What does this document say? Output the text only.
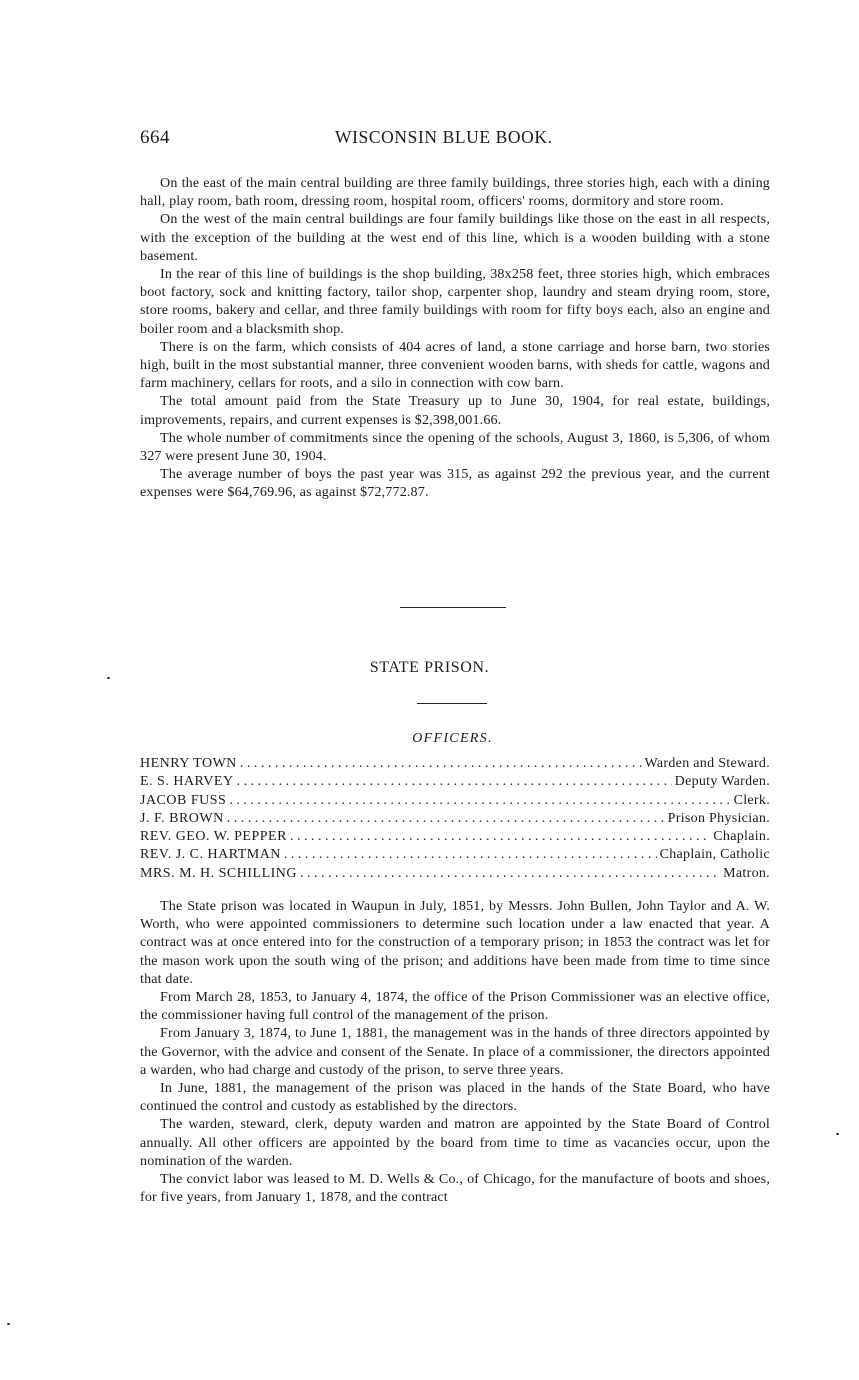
664	WISCONSIN BLUE BOOK.

On the east of the main central building are three family buildings, three stories high, each with a dining hall, play room, bath room, dressing room, hospital room, officers' rooms, dormitory and store room.

On the west of the main central buildings are four family buildings like those on the east in all respects, with the exception of the building at the west end of this line, which is a wooden building with a stone basement.

In the rear of this line of buildings is the shop building, 38x258 feet, three stories high, which embraces boot factory, sock and knitting factory, tailor shop, carpenter shop, laundry and steam drying room, store, store rooms, bakery and cellar, and three family buildings with room for fifty boys each, also an engine and boiler room and a blacksmith shop.

There is on the farm, which consists of 404 acres of land, a stone carriage and horse barn, two stories high, built in the most substantial manner, three convenient wooden barns, with sheds for cattle, wagons and farm machinery, cellars for roots, and a silo in connection with cow barn.

The total amount paid from the State Treasury up to June 30, 1904, for real estate, buildings, improvements, repairs, and current expenses is $2,398,001.66.

The whole number of commitments since the opening of the schools, August 3, 1860, is 5,306, of whom 327 were present June 30, 1904.

The average number of boys the past year was 315, as against 292 the previous year, and the current expenses were $64,769.96, as against $72,772.87.

STATE PRISON.
OFFICERS.
HENRY TOWN . . .	Warden and Steward.
E. S. HARVEY . . .	Deputy Warden.
JACOB FUSS . . .	Clerk.
J. F. BROWN . . .	Prison Physician.
REV. GEO. W. PEPPER . . .	Chaplain.
REV. J. C. HARTMAN . . .	Chaplain, Catholic
MRS. M. H. SCHILLING . . .	Matron.

The State prison was located in Waupun in July, 1851, by Messrs. John Bullen, John Taylor and A. W. Worth, who were appointed commissioners to determine such location under a law enacted that year. A contract was at once entered into for the construction of a temporary prison; in 1853 the contract was let for the mason work upon the south wing of the prison; and additions have been made from time to time since that date.

From March 28, 1853, to January 4, 1874, the office of the Prison Commissioner was an elective office, the commissioner having full control of the management of the prison.

From January 3, 1874, to June 1, 1881, the management was in the hands of three directors appointed by the Governor, with the advice and consent of the Senate. In place of a commissioner, the directors appointed a warden, who had charge and custody of the prison, to serve three years.

In June, 1881, the management of the prison was placed in the hands of the State Board, who have continued the control and custody as established by the directors.

The warden, steward, clerk, deputy warden and matron are appointed by the State Board of Control annually. All other officers are appointed by the board from time to time as vacancies occur, upon the nomination of the warden.

The convict labor was leased to M. D. Wells & Co., of Chicago, for the manufacture of boots and shoes, for five years, from January 1, 1878, and the contract
